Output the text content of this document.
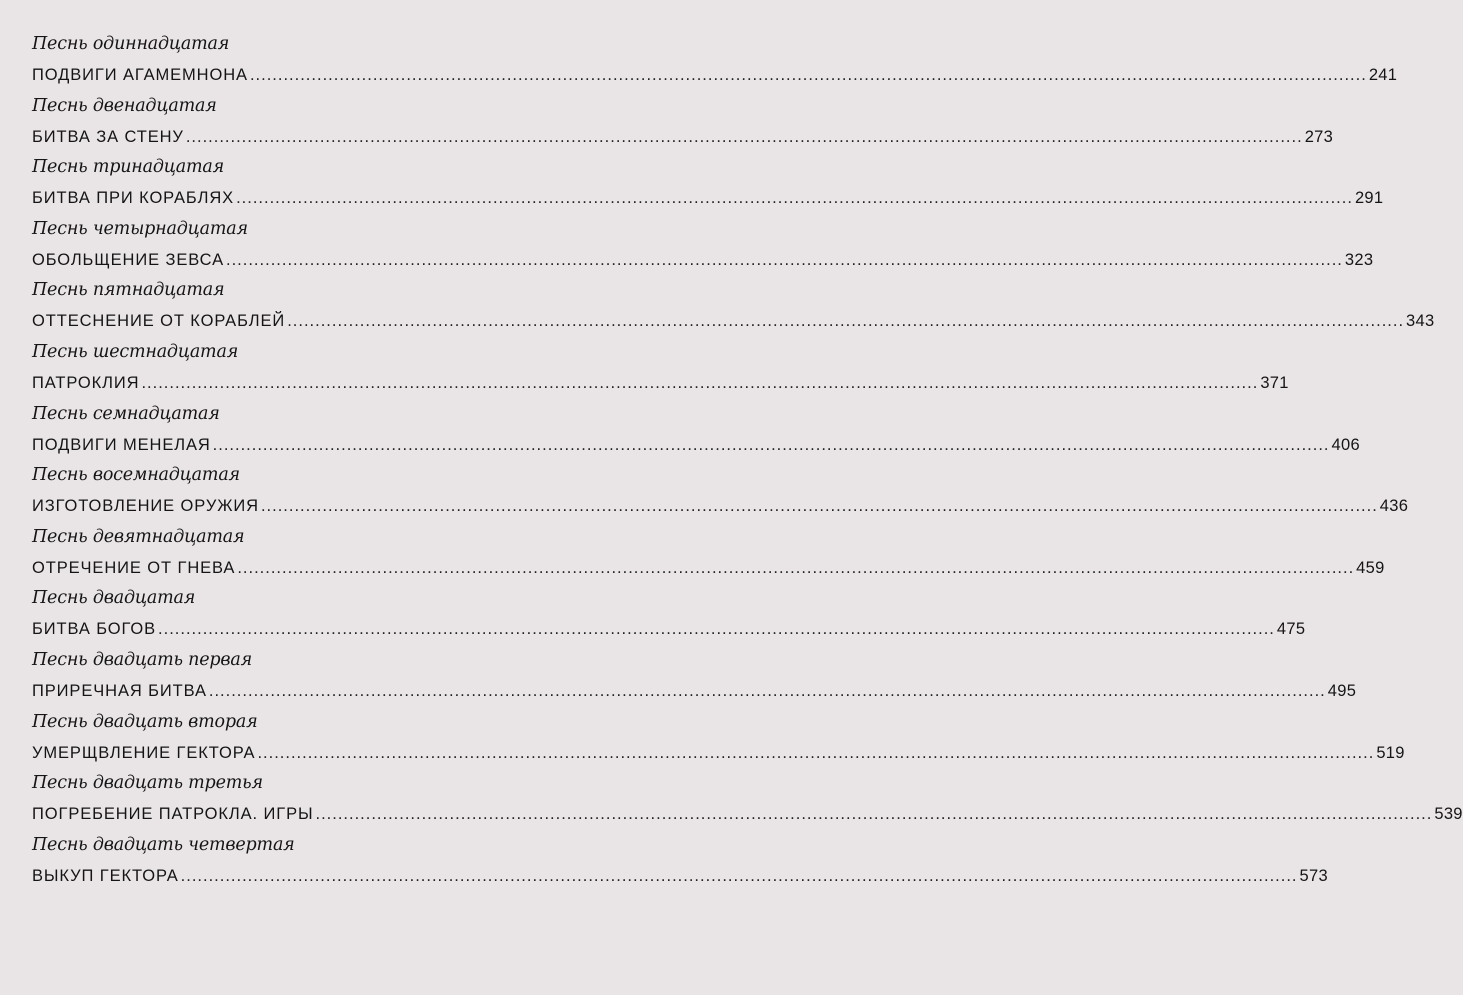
Песнь одиннадцатая
ПОДВИГИ АГАМЕМНОНА ........................................................................................................................................................................................................ 241
Песнь двенадцатая
БИТВА ЗА СТЕНУ ........................................................................................................................................................................................................ 273
Песнь тринадцатая
БИТВА ПРИ КОРАБЛЯХ ........................................................................................................................................................................................................ 291
Песнь четырнадцатая
ОБОЛЬЩЕНИЕ ЗЕВСА ........................................................................................................................................................................................................ 323
Песнь пятнадцатая
ОТТЕСНЕНИЕ ОТ КОРАБЛЕЙ ........................................................................................................................................................................................................ 343
Песнь шестнадцатая
ПАТРОКЛИЯ ........................................................................................................................................................................................................ 371
Песнь семнадцатая
ПОДВИГИ МЕНЕЛАЯ ........................................................................................................................................................................................................ 406
Песнь восемнадцатая
ИЗГОТОВЛЕНИЕ ОРУЖИЯ ........................................................................................................................................................................................................ 436
Песнь девятнадцатая
ОТРЕЧЕНИЕ ОТ ГНЕВА ........................................................................................................................................................................................................ 459
Песнь двадцатая
БИТВА БОГОВ ........................................................................................................................................................................................................ 475
Песнь двадцать первая
ПРИРЕЧНАЯ БИТВА ........................................................................................................................................................................................................ 495
Песнь двадцать вторая
УМЕРЩВЛЕНИЕ ГЕКТОРА ........................................................................................................................................................................................................ 519
Песнь двадцать третья
ПОГРЕБЕНИЕ ПАТРОКЛА. ИГРЫ ........................................................................................................................................................................................................ 539
Песнь двадцать четвертая
ВЫКУП ГЕКТОРА ........................................................................................................................................................................................................ 573
